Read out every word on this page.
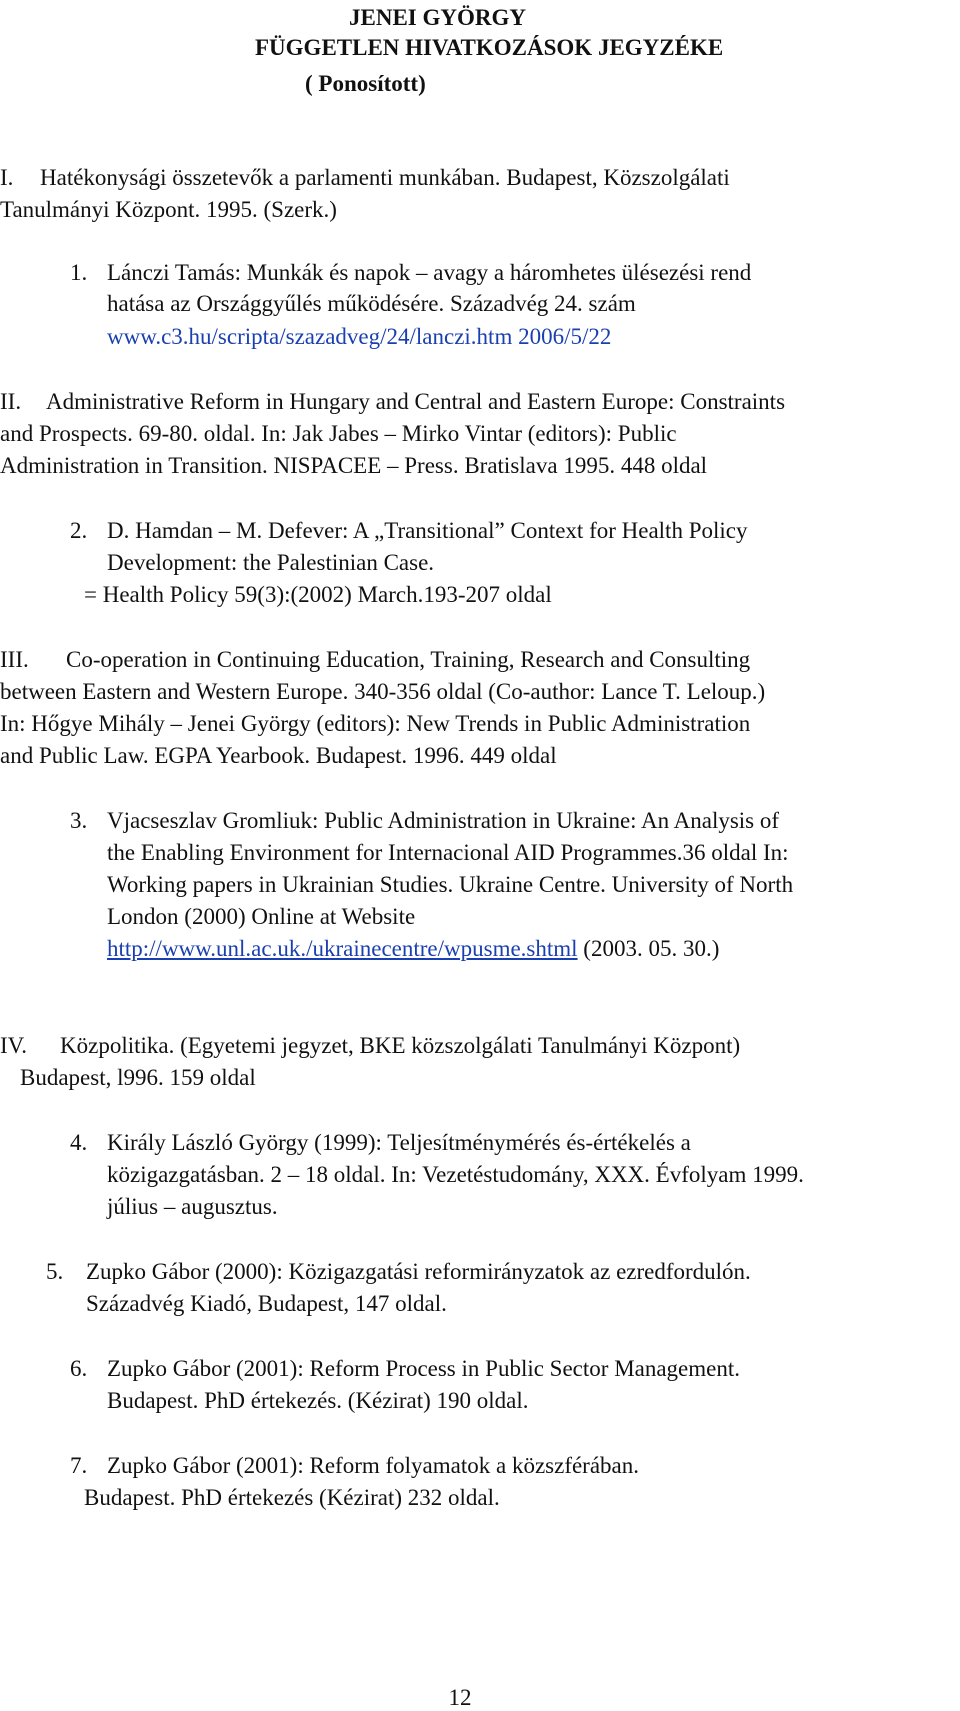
JENEI GYÖRGY
FÜGGETLEN HIVATKOZÁSOK JEGYZÉKE
( Ponosított)
I. Hatékonysági összetevők a parlamenti munkában. Budapest, Közszolgálati
Tanulmányi Központ. 1995. (Szerk.)
1. Lánczi Tamás: Munkák és napok – avagy a háromhetes ülésezési rend
hatása az Országgyűlés működésére. Századvég 24. szám
www.c3.hu/scripta/szazadveg/24/lanczi.htm 2006/5/22
II. Administrative Reform in Hungary and Central and Eastern Europe: Constraints
and Prospects. 69-80. oldal. In: Jak Jabes – Mirko Vintar (editors): Public
Administration in Transition. NISPACEE – Press. Bratislava 1995. 448 oldal
2. D. Hamdan – M. Defever: A „Transitional” Context for Health Policy
Development: the Palestinian Case.
= Health Policy 59(3):(2002) March.193-207 oldal
III. Co-operation in Continuing Education, Training, Research and Consulting
between Eastern and Western Europe. 340-356 oldal (Co-author: Lance T. Leloup.)
In: Hőgye Mihály – Jenei György (editors): New Trends in Public Administration
and Public Law. EGPA Yearbook. Budapest. 1996. 449 oldal
3. Vjacseszlav Gromliuk: Public Administration in Ukraine: An Analysis of
the Enabling Environment for Internacional AID Programmes.36 oldal In:
Working papers in Ukrainian Studies. Ukraine Centre. University of North
London (2000) Online at Website
http://www.unl.ac.uk./ukrainecentre/wpusme.shtml (2003. 05. 30.)
IV. Közpolitika. (Egyetemi jegyzet, BKE közszolgálati Tanulmányi Központ)
Budapest, l996. 159 oldal
4. Király László György (1999): Teljesítménymérés és-értékelés a
közigazgatásban. 2 – 18 oldal. In: Vezetéstudomány, XXX. Évfolyam 1999.
július – augusztus.
5. Zupko Gábor (2000): Közigazgatási reformirányzatok az ezredfordulón.
Századvég Kiadó, Budapest, 147 oldal.
6. Zupko Gábor (2001): Reform Process in Public Sector Management.
Budapest. PhD értekezés. (Kézirat) 190 oldal.
7. Zupko Gábor (2001): Reform folyamatok a közszférában.
Budapest. PhD értekezés (Kézirat) 232 oldal.
12
